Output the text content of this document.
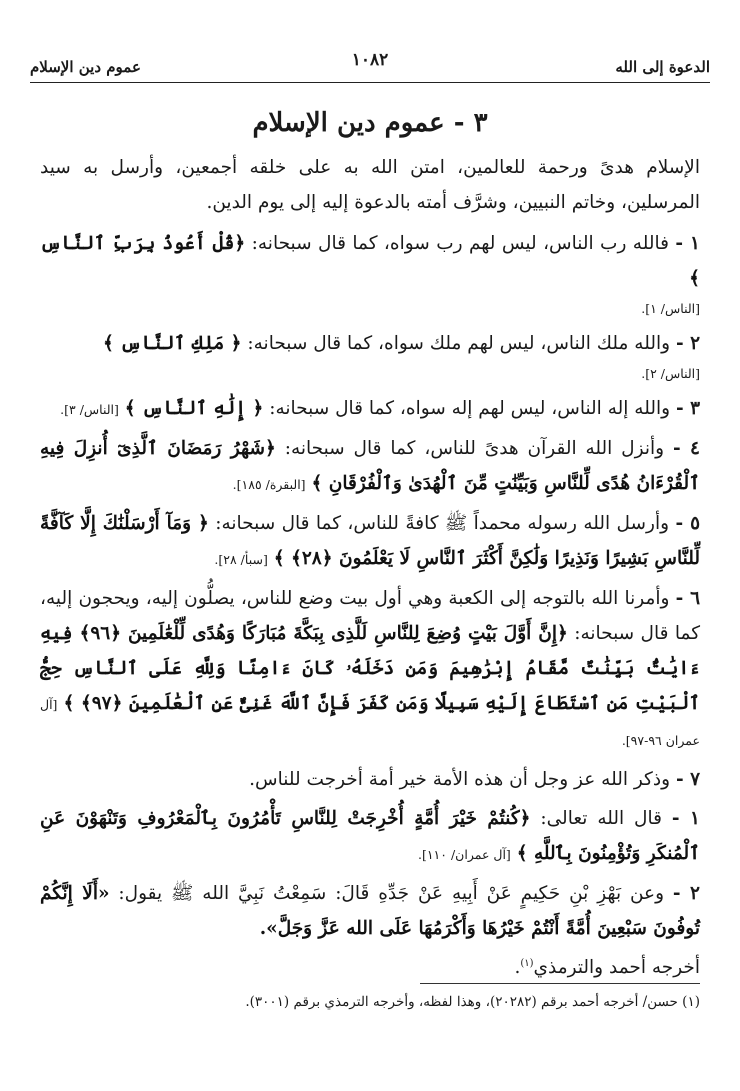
الدعوة إلى الله
١٠٨٢
عموم دين الإسلام
٣ - عموم دين الإسلام

الإسلام هدىً ورحمة للعالمين، امتن الله به على خلقه أجمعين، وأرسل به سيد المرسلين، وخاتم النبيين، وشرَّف أمته بالدعوة إليه إلى يوم الدين.

١ - فالله رب الناس، ليس لهم رب سواه، كما قال سبحانه: ﴿قُلْ أَعُوذُ بِرَبِّ ٱلنَّاسِ ﴾
[الناس/ ١].

٢ - والله ملك الناس، ليس لهم ملك سواه، كما قال سبحانه: ﴿ مَلِكِ ٱلنَّاسِ ﴾
[الناس/ ٢].

٣ - والله إله الناس، ليس لهم إله سواه، كما قال سبحانه: ﴿ إِلَٰهِ ٱلنَّاسِ ﴾ [الناس/ ٣].

٤ - وأنزل الله القرآن هدىً للناس، كما قال سبحانه: ﴿شَهْرُ رَمَضَانَ ٱلَّذِىٓ أُنزِلَ فِيهِ ٱلْقُرْءَانُ هُدًى لِّلنَّاسِ وَبَيِّنَٰتٍ مِّنَ ٱلْهُدَىٰ وَٱلْفُرْقَانِ ﴾ [البقرة/ ١٨٥].

٥ - وأرسل الله رسوله محمداً ﷺ كافةً للناس، كما قال سبحانه: ﴿ وَمَآ أَرْسَلْنَٰكَ إِلَّا كَآفَّةً لِّلنَّاسِ بَشِيرًا وَنَذِيرًا وَلَٰكِنَّ أَكْثَرَ ٱلنَّاسِ لَا يَعْلَمُونَ ﴿٢٨﴾ ﴾ [سبأ/ ٢٨].

٦ - وأمرنا الله بالتوجه إلى الكعبة وهي أول بيت وضع للناس، يصلُّون إليه، ويحجون إليه، كما قال سبحانه: ﴿إِنَّ أَوَّلَ بَيْتٍ وُضِعَ لِلنَّاسِ لَلَّذِى بِبَكَّةَ مُبَارَكًا وَهُدًى لِّلْعَٰلَمِينَ ﴿٩٦﴾ فِيهِ ءَايَٰتٌۢ بَيِّنَٰتٌ مَّقَامُ إِبْرَٰهِيمَ وَمَن دَخَلَهُۥ كَانَ ءَامِنًا وَلِلَّهِ عَلَى ٱلنَّاسِ حِجُّ ٱلْبَيْتِ مَنِ ٱسْتَطَاعَ إِلَيْهِ سَبِيلًا وَمَن كَفَرَ فَإِنَّ ٱللَّهَ غَنِىٌّ عَنِ ٱلْعَٰلَمِينَ ﴿٩٧﴾ ﴾ [آل عمران ٩٦-٩٧].

٧ - وذكر الله عز وجل أن هذه الأمة خير أمة أخرجت للناس.

١ - قال الله تعالى: ﴿كُنتُمْ خَيْرَ أُمَّةٍ أُخْرِجَتْ لِلنَّاسِ تَأْمُرُونَ بِٱلْمَعْرُوفِ وَتَنْهَوْنَ عَنِ ٱلْمُنكَرِ وَتُؤْمِنُونَ بِٱللَّهِ ﴾ [آل عمران/ ١١٠].

٢ - وعن بَهْزِ بْنِ حَكِيمٍ عَنْ أَبِيهِ عَنْ جَدِّهِ قَالَ: سَمِعْتُ نَبِيَّ الله ﷺ يقول: «أَلَا إِنَّكُمْ تُوفُونَ سَبْعِينَ أُمَّةً أَنْتُمْ خَيْرُهَا وَأَكْرَمُهَا عَلَى الله عَزَّ وَجَلَّ».
أخرجه أحمد والترمذي$^{(١)}$.

(١) حسن/ أخرجه أحمد برقم (٢٠٢٨٢)، وهذا لفظه، وأخرجه الترمذي برقم (٣٠٠١).
